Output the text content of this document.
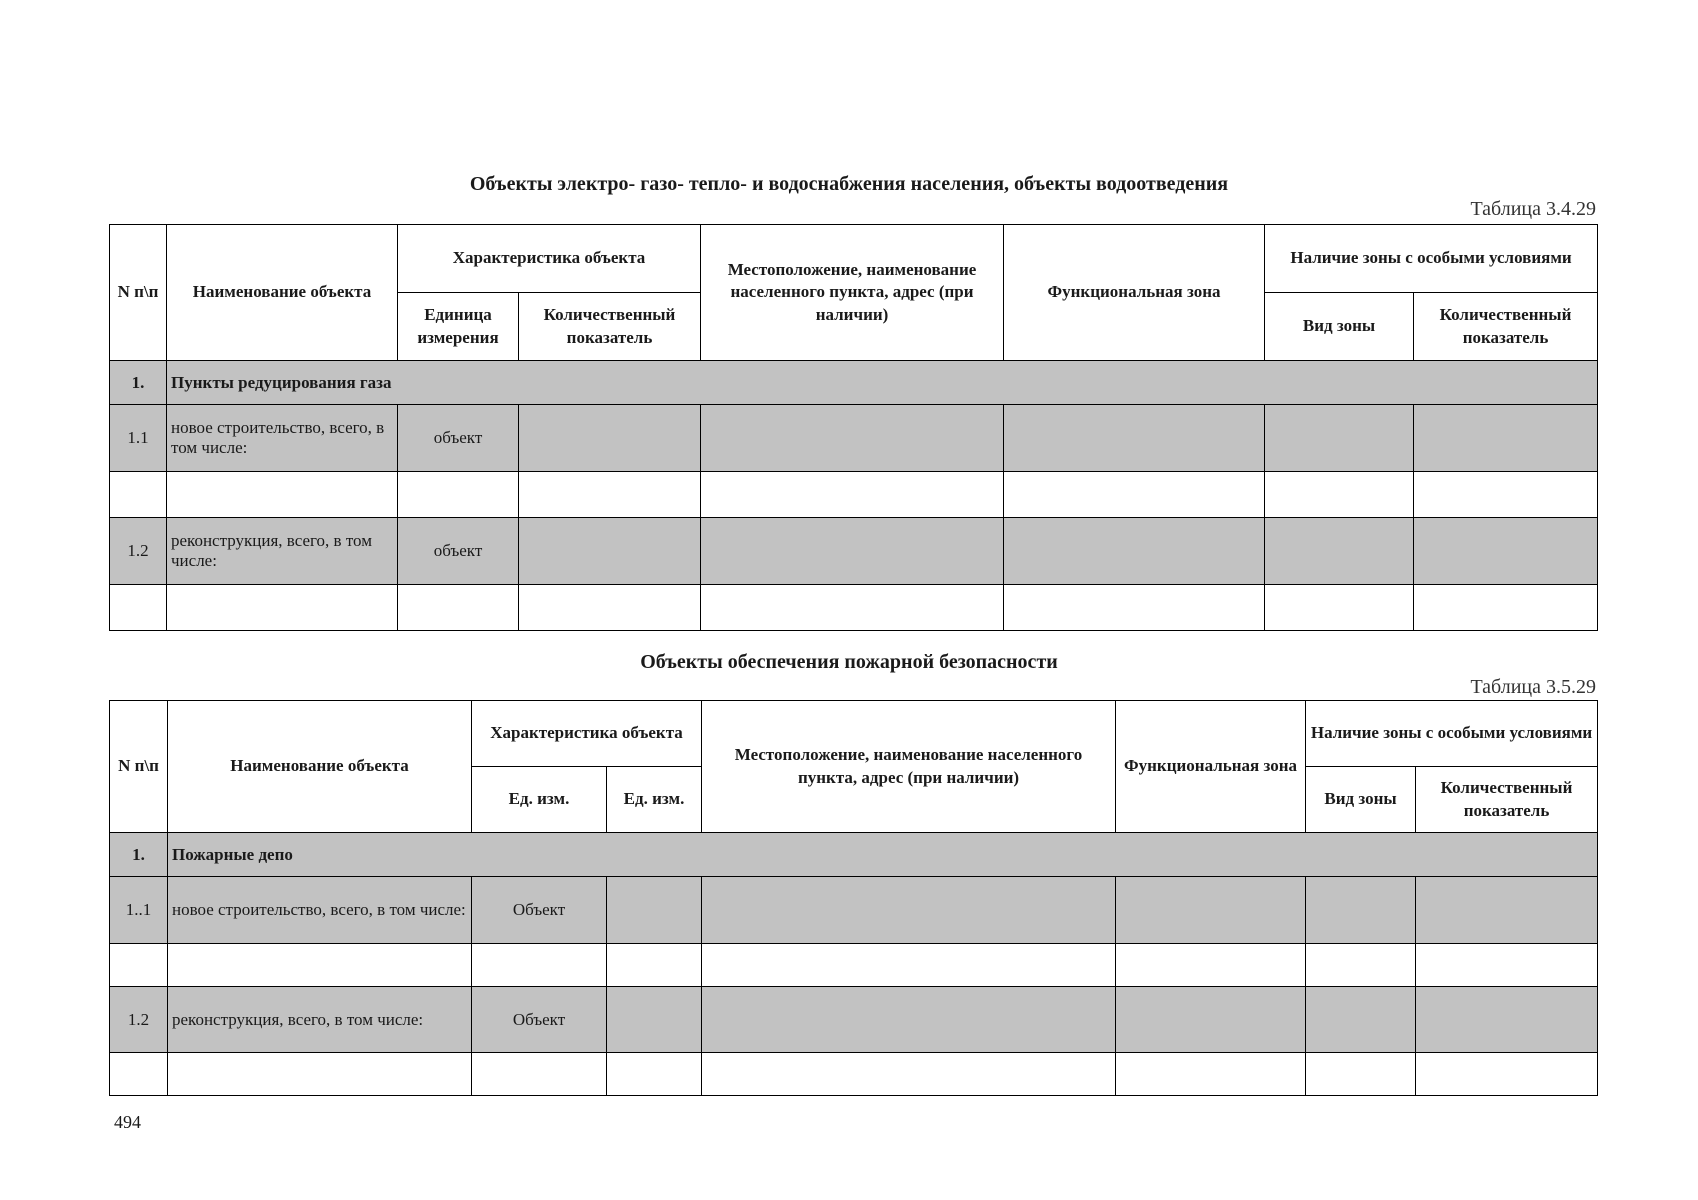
Объекты электро- газо- тепло- и водоснабжения населения, объекты водоотведения
Таблица 3.4.29
N п\п	Наименование объекта	Характеристика объекта		Местоположение, наименование населенного пункта, адрес (при наличии)	Функциональная зона	Наличие зоны с особыми условиями	
		Единица измерения	Количественный показатель			Вид зоны	Количественный показатель
1.	Пункты редуцирования газа						
1.1	новое строительство, всего, в том числе:	объект					

1.2	реконструкция, всего, в том числе:	объект					

Объекты обеспечения пожарной безопасности
Таблица 3.5.29
N п\п	Наименование объекта	Характеристика объекта		Местоположение, наименование населенного пункта, адрес (при наличии)	Функциональная зона	Наличие зоны с особыми условиями	
		Ед. изм.	Ед. изм.			Вид зоны	Количественный показатель
1.	Пожарные депо						
1..1	новое строительство, всего, в том числе:	Объект					

1.2	реконструкция, всего, в том числе:	Объект					

494
